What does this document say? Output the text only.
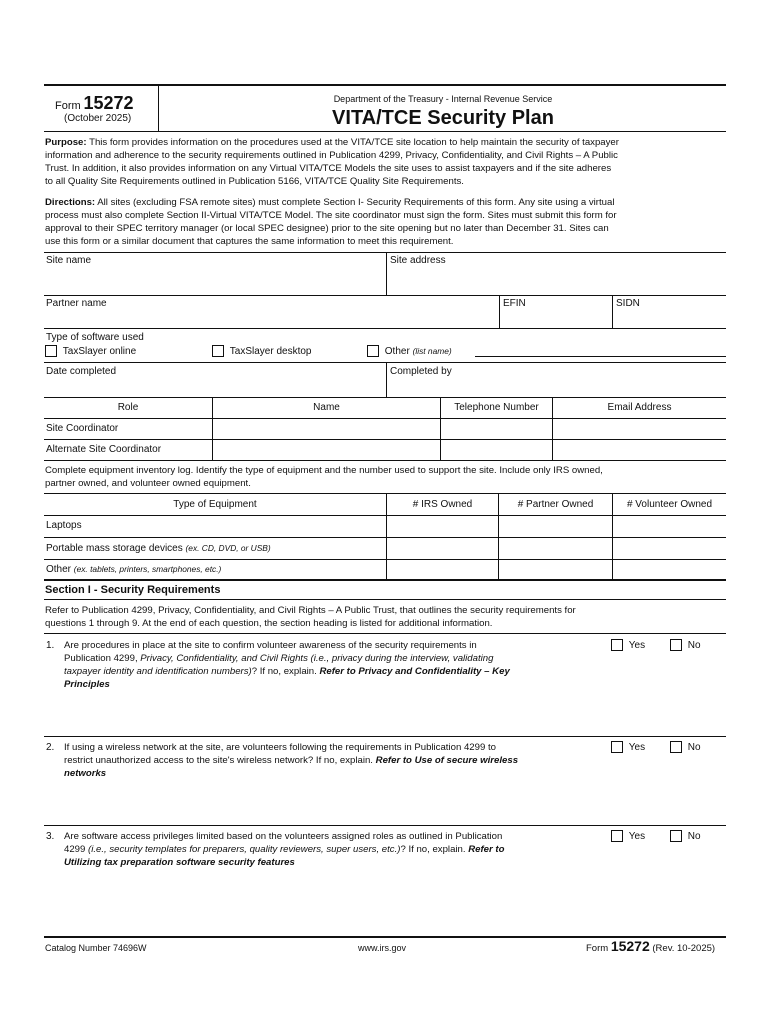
Form 15272
(October 2025)
Department of the Treasury - Internal Revenue Service
VITA/TCE Security Plan
Purpose: This form provides information on the procedures used at the VITA/TCE site location to help maintain the security of taxpayer
information and adherence to the security requirements outlined in Publication 4299, Privacy, Confidentiality, and Civil Rights – A Public
Trust. In addition, it also provides information on any Virtual VITA/TCE Models the site uses to assist taxpayers and if the site adheres
to all Quality Site Requirements outlined in Publication 5166, VITA/TCE Quality Site Requirements.
Directions: All sites (excluding FSA remote sites) must complete Section I- Security Requirements of this form. Any site using a virtual
process must also complete Section II-Virtual VITA/TCE Model. The site coordinator must sign the form. Sites must submit this form for
approval to their SPEC territory manager (or local SPEC designee) prior to the site opening but no later than December 31. Sites can
use this form or a similar document that captures the same information to meet this requirement.
Site name	Site address
Partner name	EFIN	SIDN
Type of software used
TaxSlayer online	TaxSlayer desktop	Other (list name)
Date completed	Completed by
Role	Name	Telephone Number	Email Address
Site Coordinator
Alternate Site Coordinator
Complete equipment inventory log. Identify the type of equipment and the number used to support the site. Include only IRS owned,
partner owned, and volunteer owned equipment.
Type of Equipment	# IRS Owned	# Partner Owned	# Volunteer Owned
Laptops
Portable mass storage devices (ex. CD, DVD, or USB)
Other (ex. tablets, printers, smartphones, etc.)
Section I - Security Requirements
Refer to Publication 4299, Privacy, Confidentiality, and Civil Rights – A Public Trust, that outlines the security requirements for
questions 1 through 9. At the end of each question, the section heading is listed for additional information.
1. Are procedures in place at the site to confirm volunteer awareness of the security requirements in
Publication 4299, Privacy, Confidentiality, and Civil Rights (i.e., privacy during the interview, validating
taxpayer identity and identification numbers)? If no, explain. Refer to Privacy and Confidentiality – Key
Principles
Yes	No
2. If using a wireless network at the site, are volunteers following the requirements in Publication 4299 to
restrict unauthorized access to the site's wireless network? If no, explain. Refer to Use of secure wireless
networks
Yes	No
3. Are software access privileges limited based on the volunteers assigned roles as outlined in Publication
4299 (i.e., security templates for preparers, quality reviewers, super users, etc.)? If no, explain. Refer to
Utilizing tax preparation software security features
Yes	No
Catalog Number 74696W	www.irs.gov	Form 15272 (Rev. 10-2025)
